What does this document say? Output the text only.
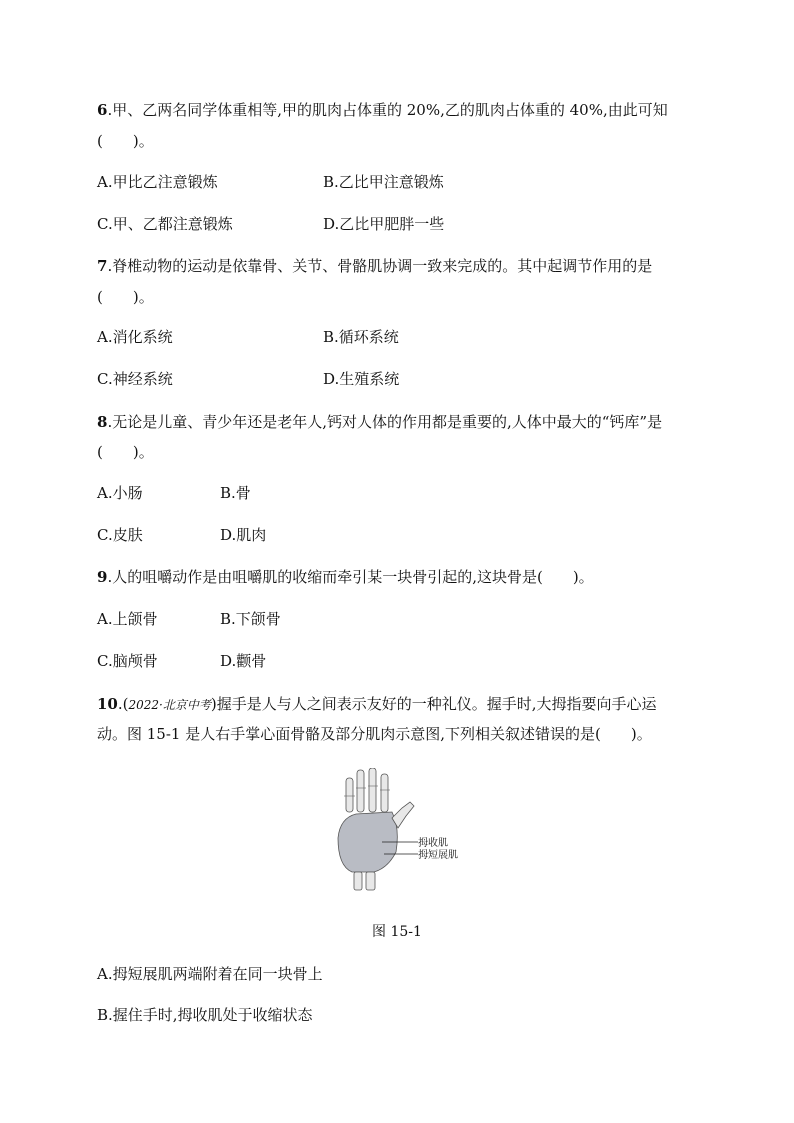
6.甲、乙两名同学体重相等,甲的肌肉占体重的 20%,乙的肌肉占体重的 40%,由此可知
(　　)。
A.甲比乙注意锻炼	B.乙比甲注意锻炼
C.甲、乙都注意锻炼	D.乙比甲肥胖一些
7.脊椎动物的运动是依靠骨、关节、骨骼肌协调一致来完成的。其中起调节作用的是
(　　)。
A.消化系统	B.循环系统
C.神经系统	D.生殖系统
8.无论是儿童、青少年还是老年人,钙对人体的作用都是重要的,人体中最大的“钙库”是
(　　)。
A.小肠	B.骨
C.皮肤	D.肌肉
9.人的咀嚼动作是由咀嚼肌的收缩而牵引某一块骨引起的,这块骨是(　　)。
A.上颌骨	B.下颌骨
C.脑颅骨	D.颧骨
10.(2022·北京中考)握手是人与人之间表示友好的一种礼仪。握手时,大拇指要向手心运
动。图 15-1 是人右手掌心面骨骼及部分肌肉示意图,下列相关叙述错误的是(　　)。
拇收肌
拇短展肌
图 15-1
A.拇短展肌两端附着在同一块骨上
B.握住手时,拇收肌处于收缩状态
